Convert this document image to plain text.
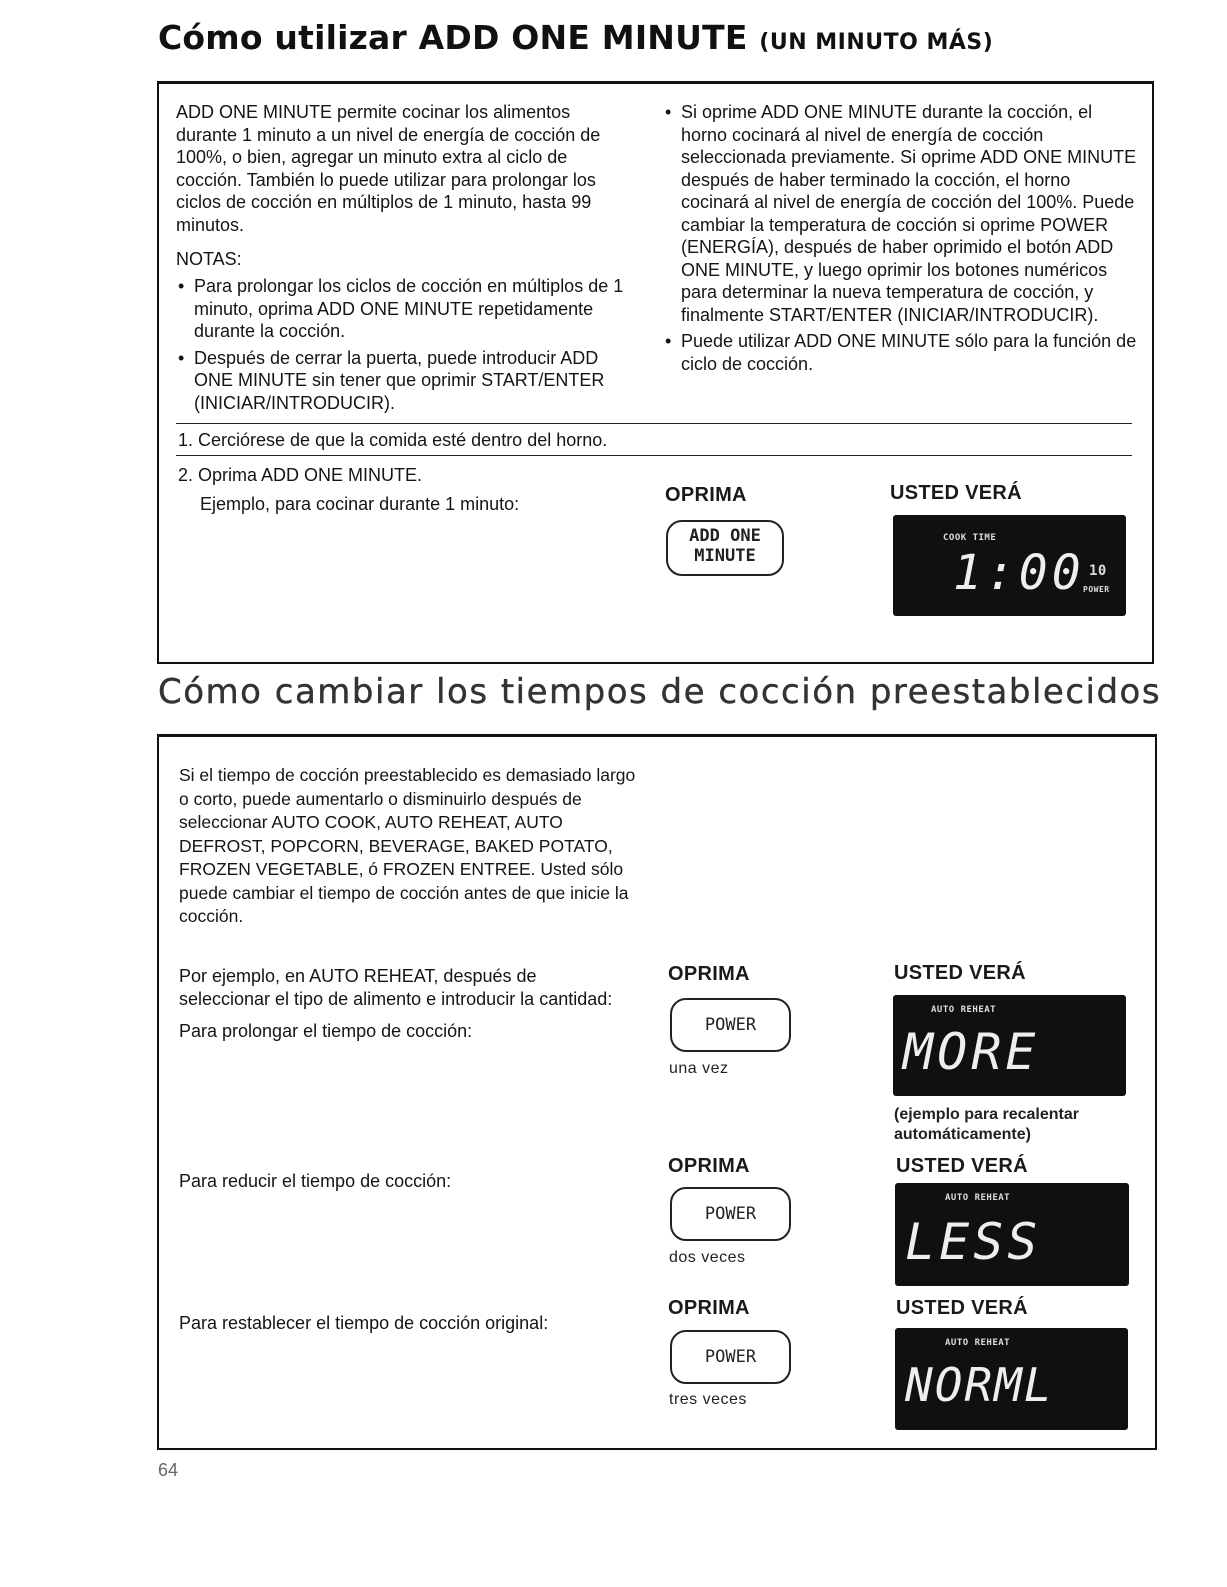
Cómo utilizar ADD ONE MINUTE (UN MINUTO MÁS)
ADD ONE MINUTE permite cocinar los alimentos durante 1 minuto a un nivel de energía de cocción de 100%, o bien, agregar un minuto extra al ciclo de cocción. También lo puede utilizar para prolongar los ciclos de cocción en múltiplos de 1 minuto, hasta 99 minutos.
NOTAS:
• Para prolongar los ciclos de cocción en múltiplos de 1 minuto, oprima ADD ONE MINUTE repetidamente durante la cocción.
• Después de cerrar la puerta, puede introducir ADD ONE MINUTE sin tener que oprimir START/ENTER (INICIAR/INTRODUCIR).
• Si oprime ADD ONE MINUTE durante la cocción, el horno cocinará al nivel de energía de cocción seleccionada previamente. Si oprime ADD ONE MINUTE después de haber terminado la cocción, el horno cocinará al nivel de energía de cocción del 100%. Puede cambiar la temperatura de cocción si oprime POWER (ENERGÍA), después de haber oprimido el botón ADD ONE MINUTE, y luego oprimir los botones numéricos para determinar la nueva temperatura de cocción, y finalmente START/ENTER (INICIAR/INTRODUCIR).
• Puede utilizar ADD ONE MINUTE sólo para la función de ciclo de cocción.
1. Cerciórese de que la comida esté dentro del horno.
2. Oprima ADD ONE MINUTE.
Ejemplo, para cocinar durante 1 minuto:	OPRIMA	USTED VERÁ
ADD ONE
MINUTE
COOK TIME
1:00 10
POWER
Cómo cambiar los tiempos de cocción preestablecidos
Si el tiempo de cocción preestablecido es demasiado largo o corto, puede aumentarlo o disminuirlo después de seleccionar AUTO COOK, AUTO REHEAT, AUTO DEFROST, POPCORN, BEVERAGE, BAKED POTATO, FROZEN VEGETABLE, ó FROZEN ENTREE. Usted sólo puede cambiar el tiempo de cocción antes de que inicie la cocción.
Por ejemplo, en AUTO REHEAT, después de
seleccionar el tipo de alimento e introducir la cantidad:
Para prolongar el tiempo de cocción:
OPRIMA
POWER
una vez
USTED VERÁ
AUTO REHEAT
MORE
(ejemplo para recalentar automáticamente)
Para reducir el tiempo de cocción:
OPRIMA
POWER
dos veces
USTED VERÁ
AUTO REHEAT
LESS
Para restablecer el tiempo de cocción original:
OPRIMA
POWER
tres veces
USTED VERÁ
AUTO REHEAT
NORML
64
